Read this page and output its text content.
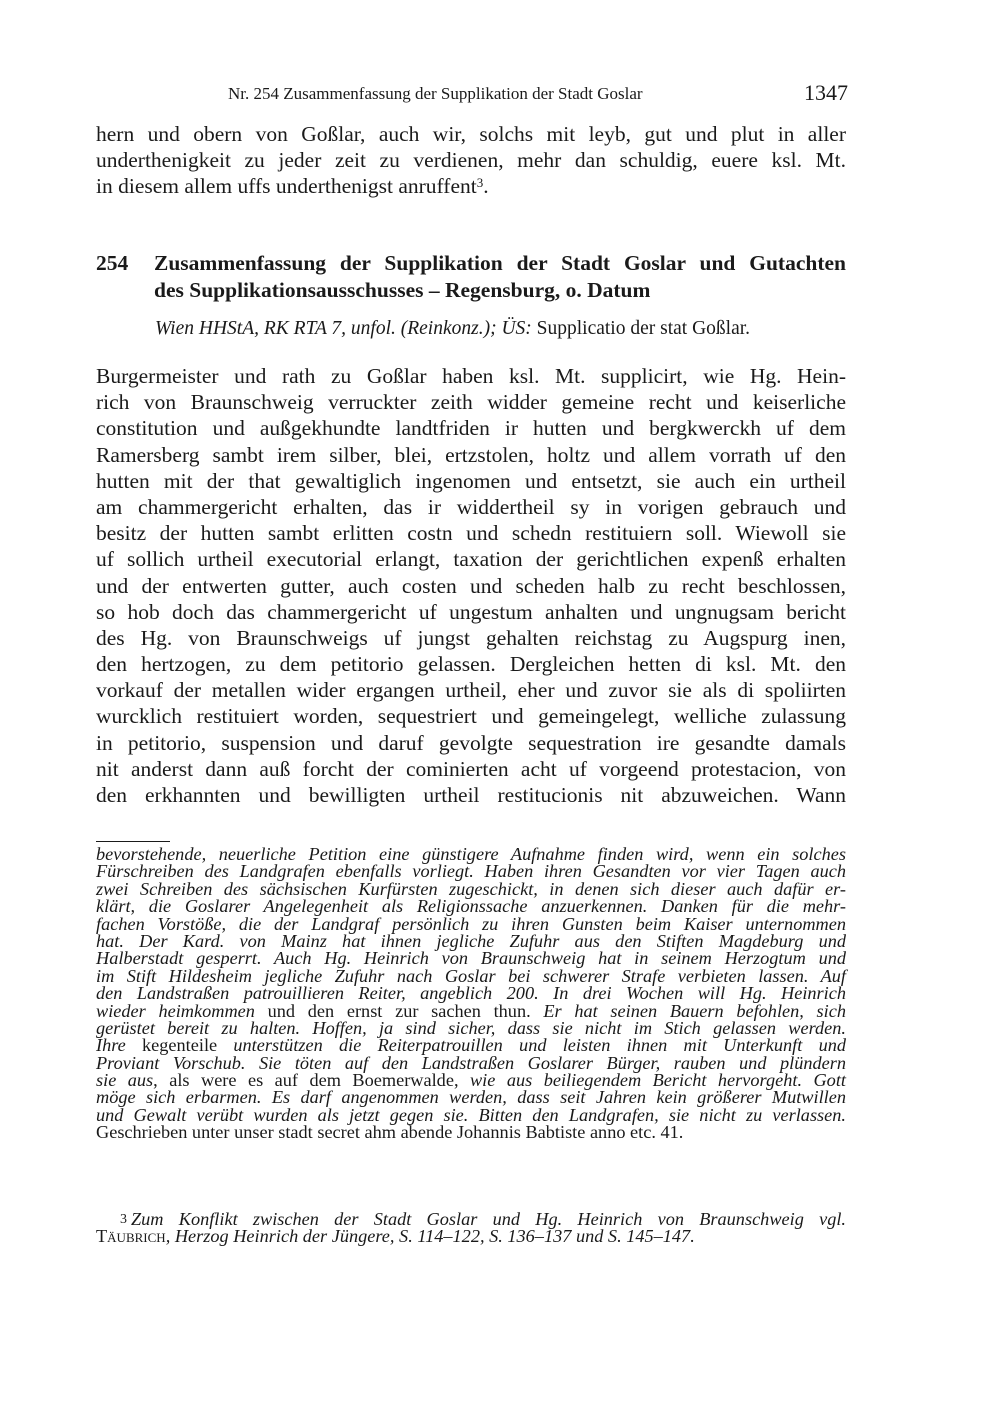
Nr. 254 Zusammenfassung der Supplikation der Stadt Goslar	1347
hern und obern von Goßlar, auch wir, solchs mit leyb, gut und plut in aller
underthenigkeit zu jeder zeit zu verdienen, mehr dan schuldig, euere ksl. Mt.
in diesem allem uffs underthenigst anruffent$^3$.
254 Zusammenfassung der Supplikation der Stadt Goslar und Gutachten
des Supplikationsausschusses – Regensburg, o. Datum
Wien HHStA, RK RTA 7, unfol. (Reinkonz.); ÜS: Supplicatio der stat Goßlar.
Burgermeister und rath zu Goßlar haben ksl. Mt. supplicirt, wie Hg. Hein-
rich von Braunschweig verruckter zeith widder gemeine recht und keiserliche
constitution und außgekhundte landtfriden ir hutten und bergkwerckh uf dem
Ramersberg sambt irem silber, blei, ertzstolen, holtz und allem vorrath uf den
hutten mit der that gewaltiglich ingenomen und entsetzt, sie auch ein urtheil
am chammergericht erhalten, das ir widdertheil sy in vorigen gebrauch und
besitz der hutten sambt erlitten costn und schedn restituiern soll. Wiewoll sie
uf sollich urtheil executorial erlangt, taxation der gerichtlichen expenß erhalten
und der entwerten gutter, auch costen und scheden halb zu recht beschlossen,
so hob doch das chammergericht uf ungestum anhalten und ungnugsam bericht
des Hg. von Braunschweigs uf jungst gehalten reichstag zu Augspurg inen,
den hertzogen, zu dem petitorio gelassen. Dergleichen hetten di ksl. Mt. den
vorkauf der metallen wider ergangen urtheil, eher und zuvor sie als di spoliirten
wurcklich restituiert worden, sequestriert und gemeingelegt, welliche zulassung
in petitorio, suspension und daruf gevolgte sequestration ire gesandte damals
nit anderst dann auß forcht der cominierten acht uf vorgeend protestacion, von
den erkhannten und bewilligten urtheil restitucionis nit abzuweichen. Wann
bevorstehende, neuerliche Petition eine günstigere Aufnahme finden wird, wenn ein solches
Fürschreiben des Landgrafen ebenfalls vorliegt. Haben ihren Gesandten vor vier Tagen auch
zwei Schreiben des sächsischen Kurfürsten zugeschickt, in denen sich dieser auch dafür er-
klärt, die Goslarer Angelegenheit als Religionssache anzuerkennen. Danken für die mehr-
fachen Vorstöße, die der Landgraf persönlich zu ihren Gunsten beim Kaiser unternommen
hat. Der Kard. von Mainz hat ihnen jegliche Zufuhr aus den Stiften Magdeburg und
Halberstadt gesperrt. Auch Hg. Heinrich von Braunschweig hat in seinem Herzogtum und
im Stift Hildesheim jegliche Zufuhr nach Goslar bei schwerer Strafe verbieten lassen. Auf
den Landstraßen patrouillieren Reiter, angeblich 200. In drei Wochen will Hg. Heinrich
wieder heimkommen und den ernst zur sachen thun. Er hat seinen Bauern befohlen, sich
gerüstet bereit zu halten. Hoffen, ja sind sicher, dass sie nicht im Stich gelassen werden.
Ihre kegenteile unterstützen die Reiterpatrouillen und leisten ihnen mit Unterkunft und
Proviant Vorschub. Sie töten auf den Landstraßen Goslarer Bürger, rauben und plündern
sie aus, als were es auf dem Boemerwalde, wie aus beiliegendem Bericht hervorgeht. Gott
möge sich erbarmen. Es darf angenommen werden, dass seit Jahren kein größerer Mutwillen
und Gewalt verübt wurden als jetzt gegen sie. Bitten den Landgrafen, sie nicht zu verlassen.
Geschrieben unter unser stadt secret ahm abende Johannis Babtiste anno etc. 41.
$^3$ Zum Konflikt zwischen der Stadt Goslar und Hg. Heinrich von Braunschweig vgl.
Täubrich, Herzog Heinrich der Jüngere, S. 114–122, S. 136–137 und S. 145–147.
